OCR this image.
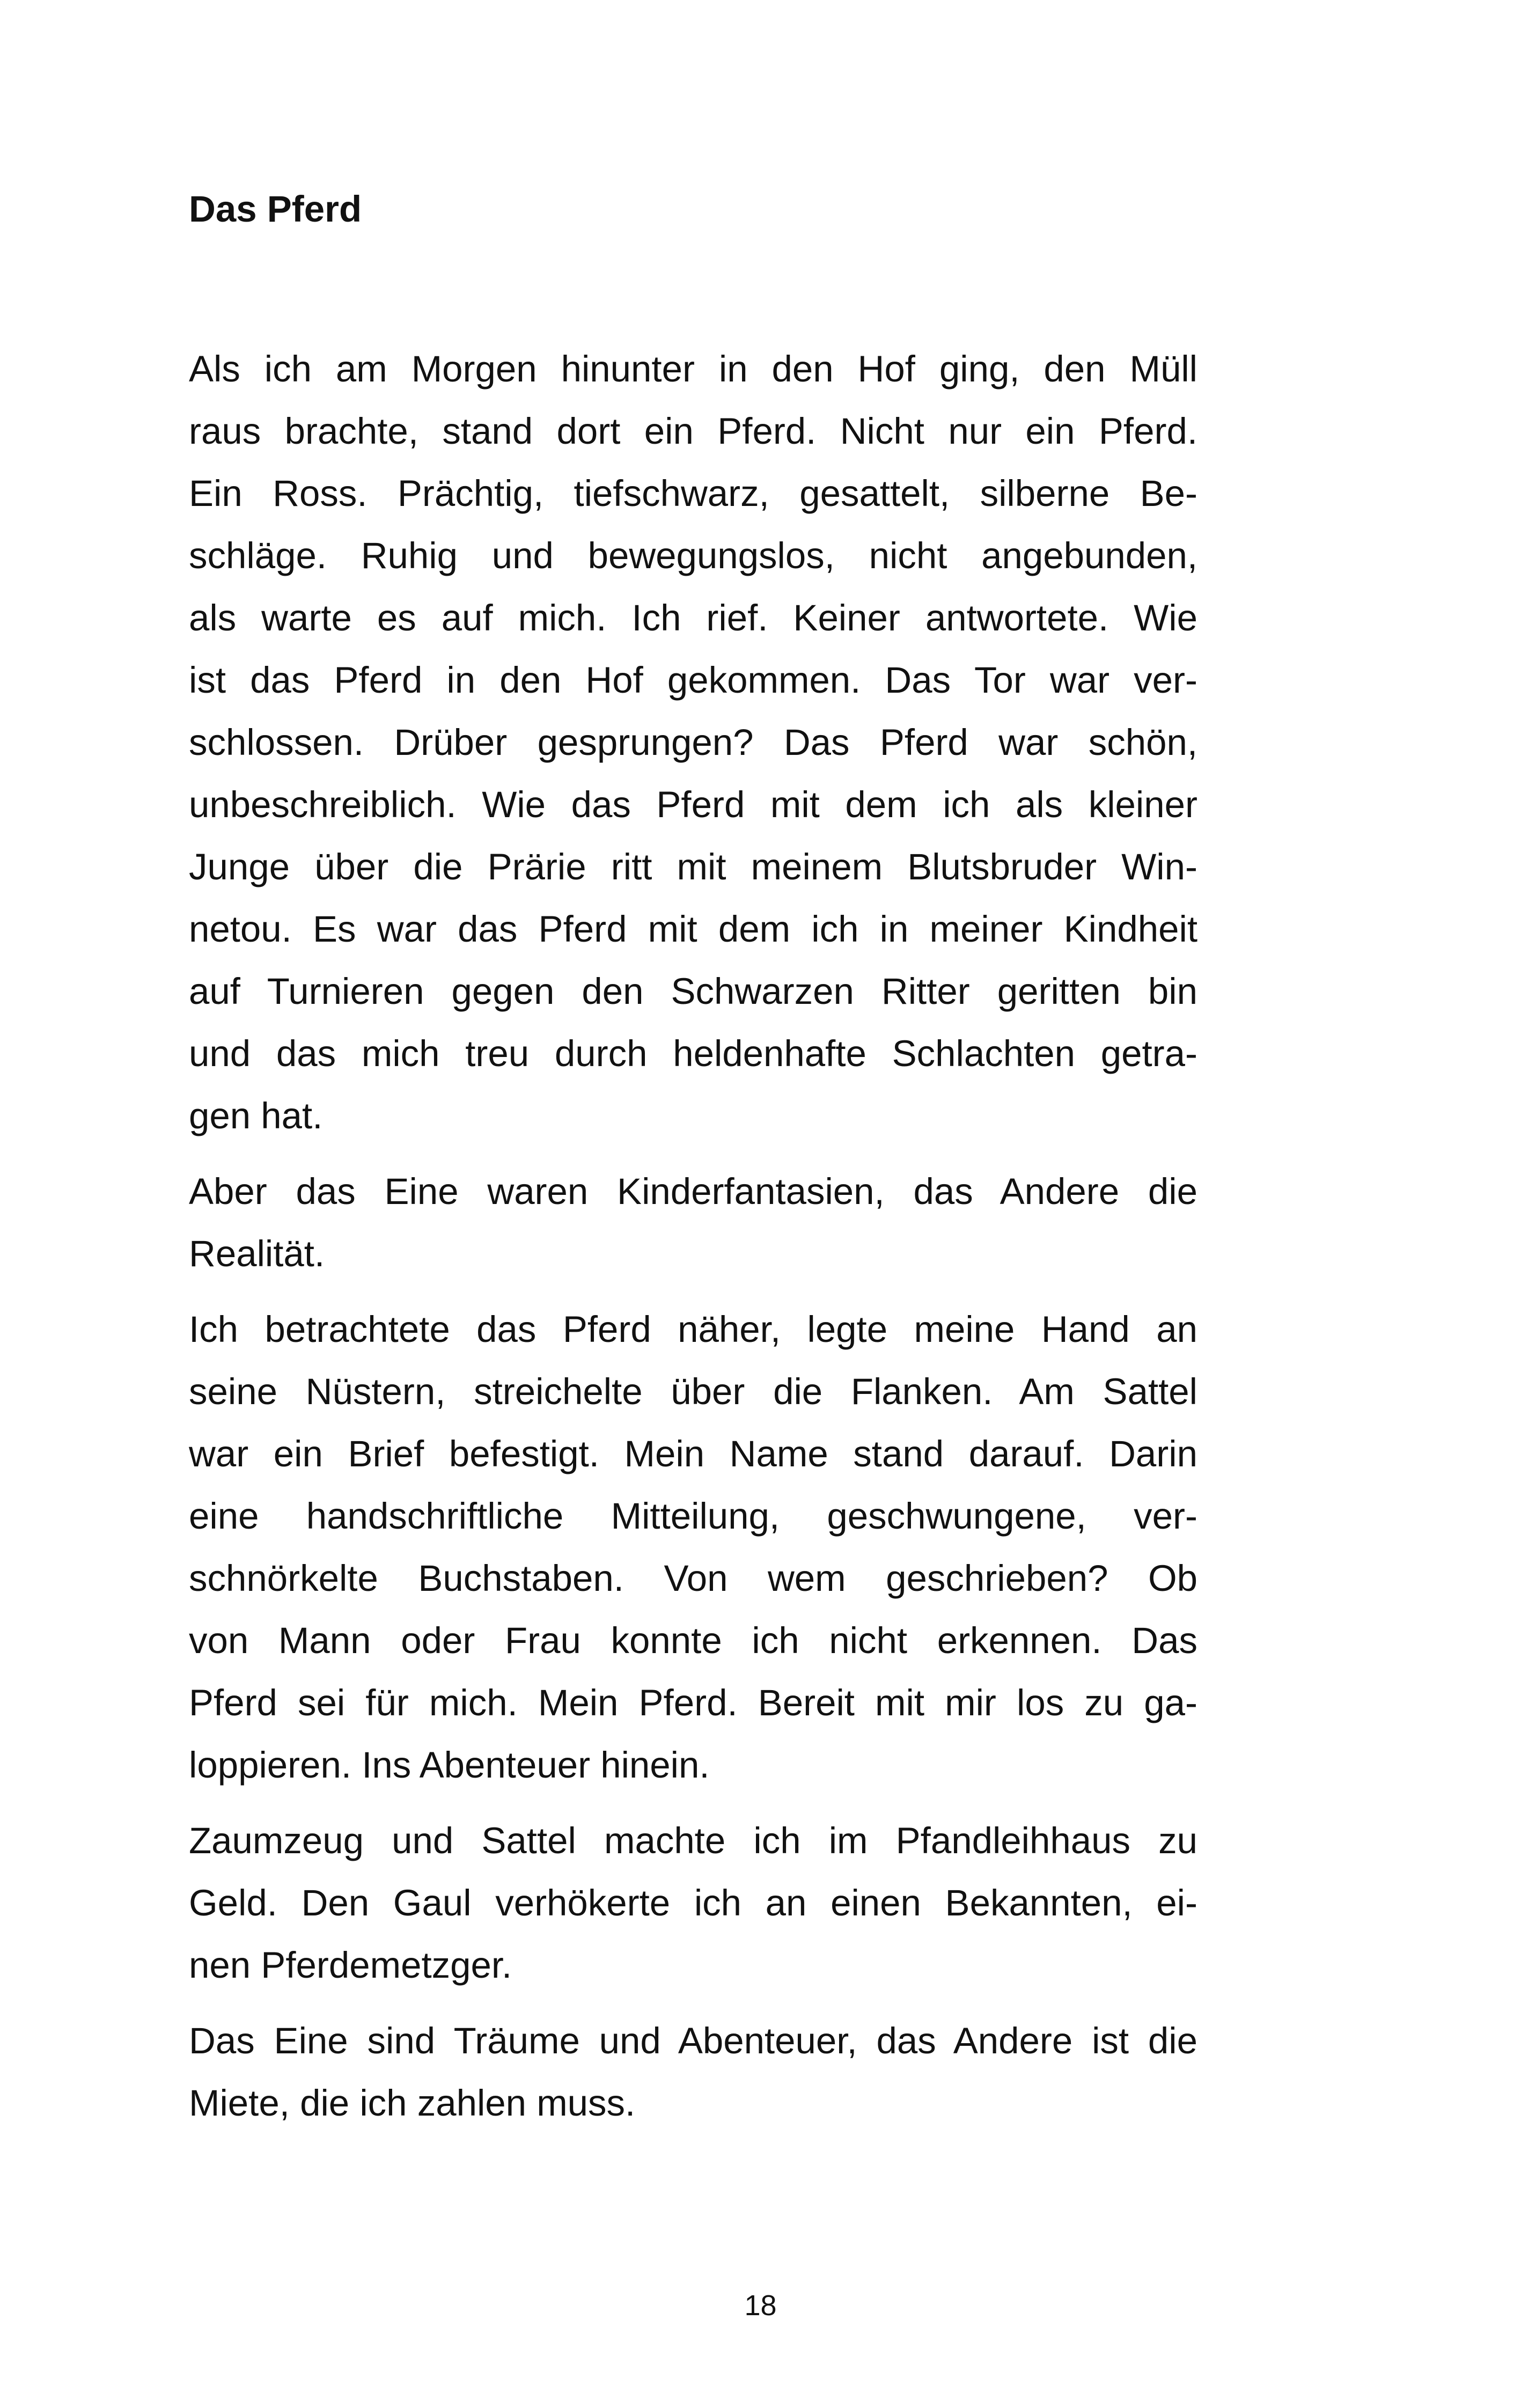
Das Pferd

Als ich am Morgen hinunter in den Hof ging, den Müll
raus brachte, stand dort ein Pferd. Nicht nur ein Pferd.
Ein Ross. Prächtig, tiefschwarz, gesattelt, silberne Be-
schläge. Ruhig und bewegungslos, nicht angebunden,
als warte es auf mich. Ich rief. Keiner antwortete. Wie
ist das Pferd in den Hof gekommen. Das Tor war ver-
schlossen. Drüber gesprungen? Das Pferd war schön,
unbeschreiblich. Wie das Pferd mit dem ich als kleiner
Junge über die Prärie ritt mit meinem Blutsbruder Win-
netou. Es war das Pferd mit dem ich in meiner Kindheit
auf Turnieren gegen den Schwarzen Ritter geritten bin
und das mich treu durch heldenhafte Schlachten getra-
gen hat.

Aber das Eine waren Kinderfantasien, das Andere die
Realität.

Ich betrachtete das Pferd näher, legte meine Hand an
seine Nüstern, streichelte über die Flanken. Am Sattel
war ein Brief befestigt. Mein Name stand darauf. Darin
eine handschriftliche Mitteilung, geschwungene, ver-
schnörkelte Buchstaben. Von wem geschrieben? Ob
von Mann oder Frau konnte ich nicht erkennen. Das
Pferd sei für mich. Mein Pferd. Bereit mit mir los zu ga-
loppieren. Ins Abenteuer hinein.

Zaumzeug und Sattel machte ich im Pfandleihhaus zu
Geld. Den Gaul verhökerte ich an einen Bekannten, ei-
nen Pferdemetzger.

Das Eine sind Träume und Abenteuer, das Andere ist die
Miete, die ich zahlen muss.

18
